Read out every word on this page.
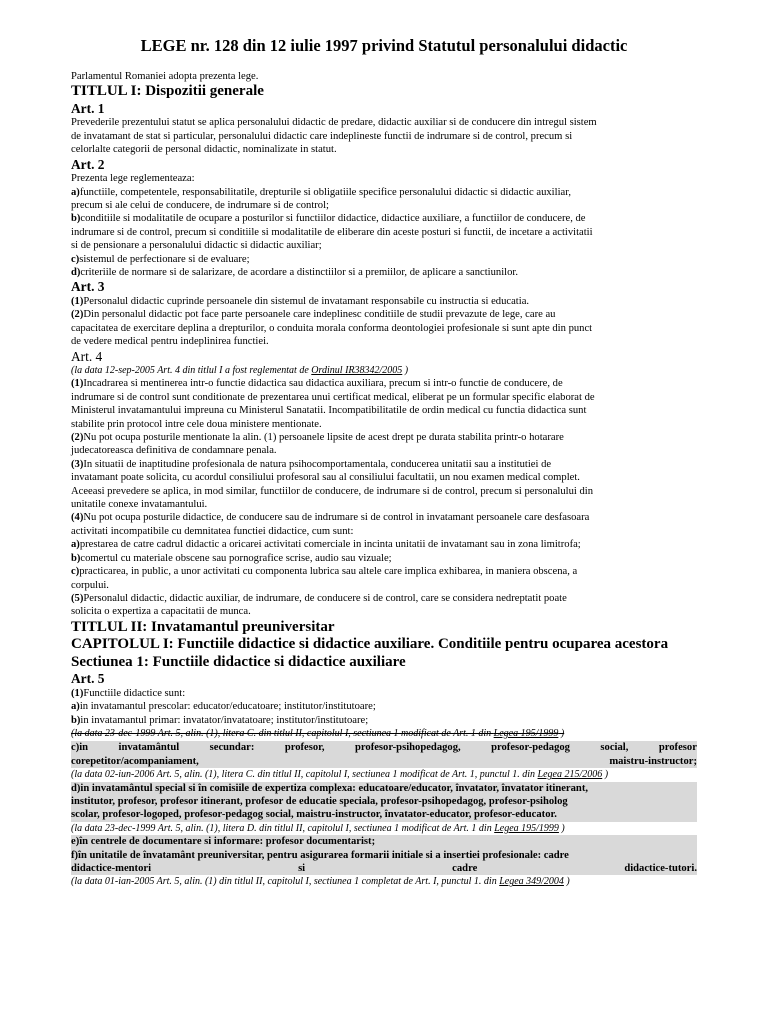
LEGE nr. 128 din 12 iulie 1997 privind Statutul personalului didactic
Parlamentul Romaniei adopta prezenta lege.
TITLUL I: Dispozitii generale
Art. 1
Prevederile prezentului statut se aplica personalului didactic de predare, didactic auxiliar si de conducere din intregul sistem
de invatamant de stat si particular, personalului didactic care indeplineste functii de indrumare si de control, precum si
celorlalte categorii de personal didactic, nominalizate in statut.
Art. 2
Prezenta lege reglementeaza:
a)functiile, competentele, responsabilitatile, drepturile si obligatiile specifice personalului didactic si didactic auxiliar,
precum si ale celui de conducere, de indrumare si de control;
b)conditiile si modalitatile de ocupare a posturilor si functiilor didactice, didactice auxiliare, a functiilor de conducere, de
indrumare si de control, precum si conditiile si modalitatile de eliberare din aceste posturi si functii, de incetare a activitatii
si de pensionare a personalului didactic si didactic auxiliar;
c)sistemul de perfectionare si de evaluare;
d)criteriile de normare si de salarizare, de acordare a distinctiilor si a premiilor, de aplicare a sanctiunilor.
Art. 3
(1)Personalul didactic cuprinde persoanele din sistemul de invatamant responsabile cu instructia si educatia.
(2)Din personalul didactic pot face parte persoanele care indeplinesc conditiile de studii prevazute de lege, care au
capacitatea de exercitare deplina a drepturilor, o conduita morala conforma deontologiei profesionale si sunt apte din punct
de vedere medical pentru indeplinirea functiei.
Art. 4
(la data 12-sep-2005 Art. 4 din titlul I a fost reglementat de Ordinul IR38342/2005 )
(1)Incadrarea si mentinerea intr-o functie didactica sau didactica auxiliara, precum si intr-o functie de conducere, de
indrumare si de control sunt conditionate de prezentarea unui certificat medical, eliberat pe un formular specific elaborat de
Ministerul invatamantului impreuna cu Ministerul Sanatatii. Incompatibilitatile de ordin medical cu functia didactica sunt
stabilite prin protocol intre cele doua ministere mentionate.
(2)Nu pot ocupa posturile mentionate la alin. (1) persoanele lipsite de acest drept pe durata stabilita printr-o hotarare
judecatoreasca definitiva de condamnare penala.
(3)In situatii de inaptitudine profesionala de natura psihocomportamentala, conducerea unitatii sau a institutiei de
invatamant poate solicita, cu acordul consiliului profesoral sau al consiliului facultatii, un nou examen medical complet.
Aceeasi prevedere se aplica, in mod similar, functiilor de conducere, de indrumare si de control, precum si personalului din
unitatile conexe invatamantului.
(4)Nu pot ocupa posturile didactice, de conducere sau de indrumare si de control in invatamant persoanele care desfasoara
activitati incompatibile cu demnitatea functiei didactice, cum sunt:
a)prestarea de catre cadrul didactic a oricarei activitati comerciale in incinta unitatii de invatamant sau in zona limitrofa;
b)comertul cu materiale obscene sau pornografice scrise, audio sau vizuale;
c)practicarea, in public, a unor activitati cu componenta lubrica sau altele care implica exhibarea, in maniera obscena, a
corpului.
(5)Personalul didactic, didactic auxiliar, de indrumare, de conducere si de control, care se considera nedreptatit poate
solicita o expertiza a capacitatii de munca.
TITLUL II: Invatamantul preuniversitar
CAPITOLUL I: Functiile didactice si didactice auxiliare. Conditiile pentru ocuparea acestora
Sectiunea 1: Functiile didactice si didactice auxiliare
Art. 5
(1)Functiile didactice sunt:
a)in invatamantul prescolar: educator/educatoare; institutor/institutoare;
b)in invatamantul primar: invatator/invatatoare; institutor/institutoare;
(la data 23-dec-1999 Art. 5, alin. (1), litera C. din titlul II, capitolul I, sectiunea 1 modificat de Art. 1 din Legea 195/1999 )
c)in	invatamântul	secundar:	profesor,	profesor-psihopedagog,	profesor-pedagog	social,	profesor
corepetitor/acompaniament,	maistru-instructor;
(la data 02-iun-2006 Art. 5, alin. (1), litera C. din titlul II, capitolul I, sectiunea 1 modificat de Art. 1, punctul 1. din Legea 215/2006 )
d)in invatamântul special si în comisiile de expertiza complexa: educatoare/educator, învatator, învatator itinerant,
institutor, profesor, profesor itinerant, profesor de educatie speciala, profesor-psihopedagog, profesor-psiholog
scolar, profesor-logoped, profesor-pedagog social, maistru-instructor, învatator-educator, profesor-educator.
(la data 23-dec-1999 Art. 5, alin. (1), litera D. din titlul II, capitolul I, sectiunea 1 modificat de Art. 1 din Legea 195/1999 )
e)în centrele de documentare si informare: profesor documentarist;
f)în unitatile de învatamânt preuniversitar, pentru asigurarea formarii initiale si a insertiei profesionale: cadre
didactice-mentori	si	cadre	didactice-tutori.
(la data 01-ian-2005 Art. 5, alin. (1) din titlul II, capitolul I, sectiunea 1 completat de Art. I, punctul 1. din Legea 349/2004 )
